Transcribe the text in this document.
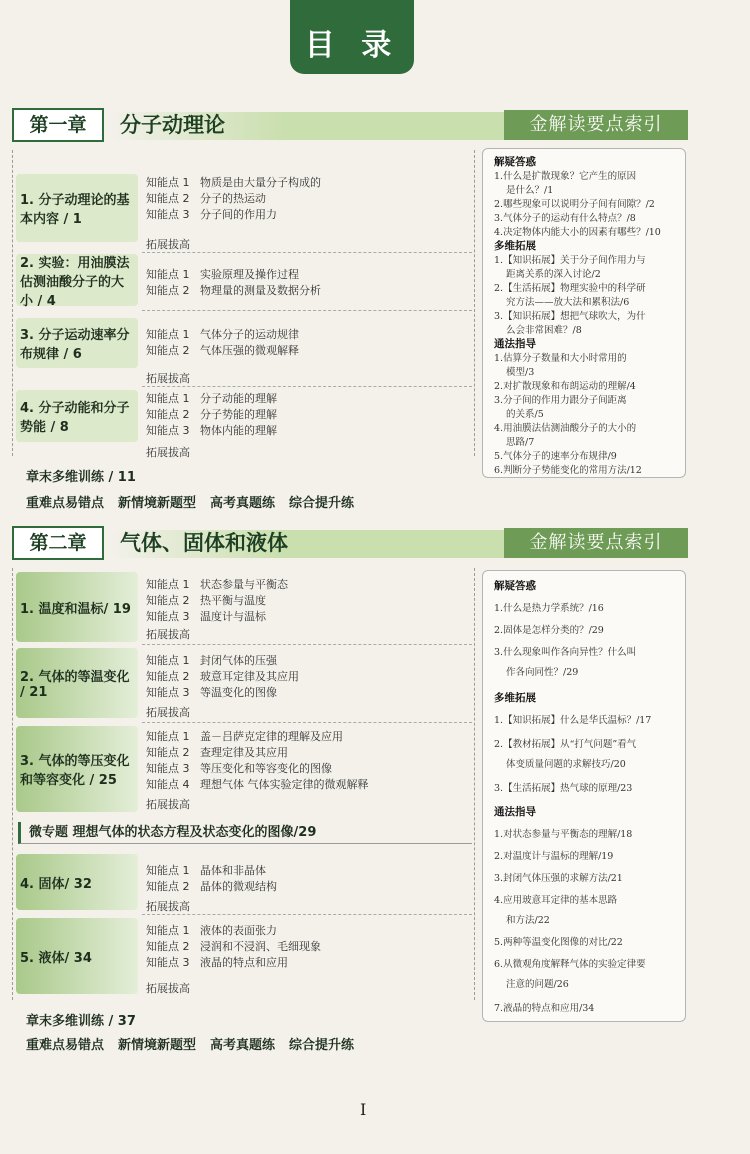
目 录
第一章	分子动理论	金解读要点索引
1. 分子动理论的基本内容 / 1
知能点 1 物质是由大量分子构成的
知能点 2 分子的热运动
知能点 3 分子间的作用力
拓展拔高
2. 实验：用油膜法估测油酸分子的大小 / 4
知能点 1 实验原理及操作过程
知能点 2 物理量的测量及数据分析
3. 分子运动速率分布规律 / 6
知能点 1 气体分子的运动规律
知能点 2 气体压强的微观解释
拓展拔高
4. 分子动能和分子势能 / 8
知能点 1 分子动能的理解
知能点 2 分子势能的理解
知能点 3 物体内能的理解
拓展拔高
章末多维训练 / 11
重难点易错点 新情境新题型 高考真题练 综合提升练
解疑答惑
1.什么是扩散现象？它产生的原因
是什么？/1
2.哪些现象可以说明分子间有间隙？/2
3.气体分子的运动有什么特点？/8
4.决定物体内能大小的因素有哪些？/10
多维拓展
1.【知识拓展】关于分子间作用力与
距离关系的深入讨论/2
2.【生活拓展】物理实验中的科学研
究方法——放大法和累积法/6
3.【知识拓展】想把气球吹大，为什
么会非常困难？/8
通法指导
1.估算分子数量和大小时常用的
模型/3
2.对扩散现象和布朗运动的理解/4
3.分子间的作用力跟分子间距离
的关系/5
4.用油膜法估测油酸分子的大小的
思路/7
5.气体分子的速率分布规律/9
6.判断分子势能变化的常用方法/12
第二章	气体、固体和液体	金解读要点索引
1. 温度和温标/ 19
知能点 1 状态参量与平衡态
知能点 2 热平衡与温度
知能点 3 温度计与温标
拓展拔高
2. 气体的等温变化 / 21
知能点 1 封闭气体的压强
知能点 2 玻意耳定律及其应用
知能点 3 等温变化的图像
拓展拔高
3. 气体的等压变化和等容变化 / 25
知能点 1 盖－吕萨克定律的理解及应用
知能点 2 查理定律及其应用
知能点 3 等压变化和等容变化的图像
知能点 4 理想气体 气体实验定律的微观解释
拓展拔高
微专题 理想气体的状态方程及状态变化的图像/29
4. 固体/ 32
知能点 1 晶体和非晶体
知能点 2 晶体的微观结构
拓展拔高
5. 液体/ 34
知能点 1 液体的表面张力
知能点 2 浸润和不浸润、毛细现象
知能点 3 液晶的特点和应用
拓展拔高
章末多维训练 / 37
重难点易错点 新情境新题型 高考真题练 综合提升练
解疑答惑
1.什么是热力学系统？/16
2.固体是怎样分类的？/29
3.什么现象叫作各向异性？什么叫
作各向同性？/29
多维拓展
1.【知识拓展】什么是华氏温标？/17
2.【教材拓展】从“打气问题”看气
体变质量问题的求解技巧/20
3.【生活拓展】热气球的原理/23
通法指导
1.对状态参量与平衡态的理解/18
2.对温度计与温标的理解/19
3.封闭气体压强的求解方法/21
4.应用玻意耳定律的基本思路
和方法/22
5.两种等温变化图像的对比/22
6.从微观角度解释气体的实验定律要
注意的问题/26
7.液晶的特点和应用/34
I
